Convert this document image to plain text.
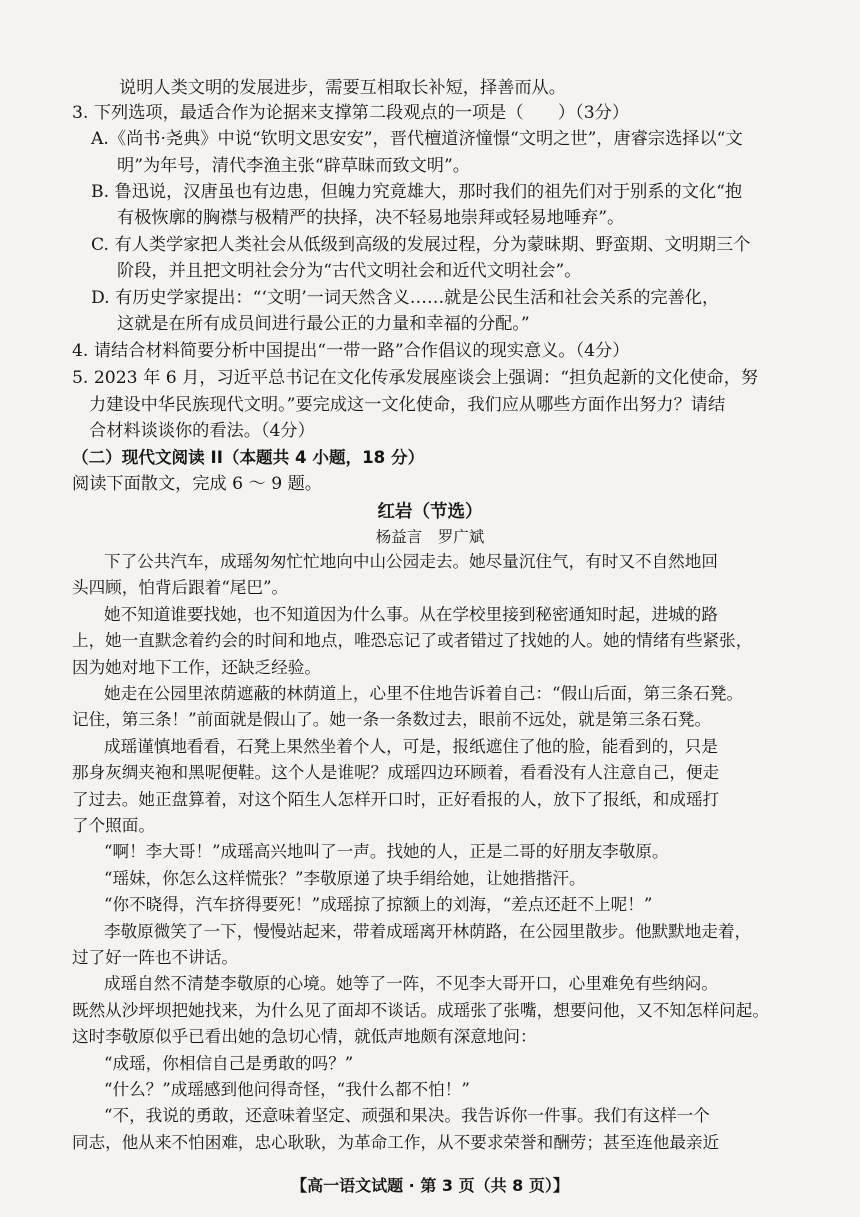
说明人类文明的发展进步，需要互相取长补短，择善而从。
3. 下列选项，最适合作为论据来支撑第二段观点的一项是（　　）（3分）
A.《尚书·尧典》中说“钦明文思安安”，晋代檀道济憧憬“文明之世”，唐睿宗选择以“文
明”为年号，清代李渔主张“辟草昧而致文明”。
B. 鲁迅说，汉唐虽也有边患，但魄力究竟雄大，那时我们的祖先们对于别系的文化“抱
有极恢廓的胸襟与极精严的抉择，决不轻易地崇拜或轻易地唾弃”。
C. 有人类学家把人类社会从低级到高级的发展过程，分为蒙昧期、野蛮期、文明期三个
阶段，并且把文明社会分为“古代文明社会和近代文明社会”。
D. 有历史学家提出：“‘文明’一词天然含义……就是公民生活和社会关系的完善化，
这就是在所有成员间进行最公正的力量和幸福的分配。”
4. 请结合材料简要分析中国提出“一带一路”合作倡议的现实意义。（4分）
5. 2023 年 6 月，习近平总书记在文化传承发展座谈会上强调：“担负起新的文化使命，努
力建设中华民族现代文明。”要完成这一文化使命，我们应从哪些方面作出努力？请结
合材料谈谈你的看法。（4分）
（二）现代文阅读 II（本题共 4 小题，18 分）
阅读下面散文，完成 6 ～ 9 题。
红岩（节选）
杨益言　罗广斌
下了公共汽车，成瑶匆匆忙忙地向中山公园走去。她尽量沉住气，有时又不自然地回
头四顾，怕背后跟着“尾巴”。
她不知道谁要找她，也不知道因为什么事。从在学校里接到秘密通知时起，进城的路
上，她一直默念着约会的时间和地点，唯恐忘记了或者错过了找她的人。她的情绪有些紧张，
因为她对地下工作，还缺乏经验。
她走在公园里浓荫遮蔽的林荫道上，心里不住地告诉着自己：“假山后面，第三条石凳。
记住，第三条！”前面就是假山了。她一条一条数过去，眼前不远处，就是第三条石凳。
成瑶谨慎地看看，石凳上果然坐着个人，可是，报纸遮住了他的脸，能看到的，只是
那身灰绸夹袍和黑呢便鞋。这个人是谁呢？成瑶四边环顾着，看看没有人注意自己，便走
了过去。她正盘算着，对这个陌生人怎样开口时，正好看报的人，放下了报纸，和成瑶打
了个照面。
“啊！李大哥！”成瑶高兴地叫了一声。找她的人，正是二哥的好朋友李敬原。
“瑶妹，你怎么这样慌张？”李敬原递了块手绢给她，让她揩揩汗。
“你不晓得，汽车挤得要死！”成瑶掠了掠额上的刘海，“差点还赶不上呢！”
李敬原微笑了一下，慢慢站起来，带着成瑶离开林荫路，在公园里散步。他默默地走着，
过了好一阵也不讲话。
成瑶自然不清楚李敬原的心境。她等了一阵，不见李大哥开口，心里难免有些纳闷。
既然从沙坪坝把她找来，为什么见了面却不谈话。成瑶张了张嘴，想要问他，又不知怎样问起。
这时李敬原似乎已看出她的急切心情，就低声地颇有深意地问：
“成瑶，你相信自己是勇敢的吗？”
“什么？”成瑶感到他问得奇怪，“我什么都不怕！”
“不，我说的勇敢，还意味着坚定、顽强和果决。我告诉你一件事。我们有这样一个
同志，他从来不怕困难，忠心耿耿，为革命工作，从不要求荣誉和酬劳；甚至连他最亲近
【高一语文试题 · 第 3 页（共 8 页）】
